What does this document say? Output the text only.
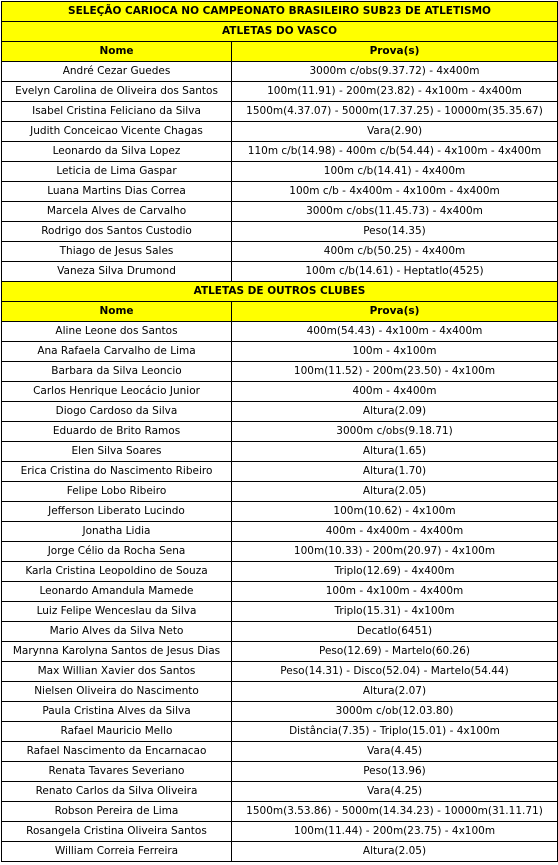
SELEÇÃO CARIOCA NO CAMPEONATO BRASILEIRO SUB23 DE ATLETISMO	
ATLETAS DO VASCO	
Nome	Prova(s)
André Cezar Guedes	3000m c/obs(9.37.72) - 4x400m
Evelyn Carolina de Oliveira dos Santos	100m(11.91) - 200m(23.82) - 4x100m - 4x400m
Isabel Cristina Feliciano da Silva	1500m(4.37.07) - 5000m(17.37.25) - 10000m(35.35.67)
Judith Conceicao Vicente Chagas	Vara(2.90)
Leonardo da Silva Lopez	110m c/b(14.98) - 400m c/b(54.44) - 4x100m - 4x400m
Leticia de Lima Gaspar	100m c/b(14.41) - 4x400m
Luana Martins Dias Correa	100m c/b - 4x400m - 4x100m - 4x400m
Marcela Alves de Carvalho	3000m c/obs(11.45.73) - 4x400m
Rodrigo dos Santos Custodio	Peso(14.35)
Thiago de Jesus Sales	400m c/b(50.25) - 4x400m
Vaneza Silva Drumond	100m c/b(14.61) - Heptatlo(4525)
ATLETAS DE OUTROS CLUBES	
Nome	Prova(s)
Aline Leone dos Santos	400m(54.43) - 4x100m - 4x400m
Ana Rafaela Carvalho de Lima	100m - 4x100m
Barbara da Silva Leoncio	100m(11.52) - 200m(23.50) - 4x100m
Carlos Henrique Leocácio Junior	400m - 4x400m
Diogo Cardoso da Silva	Altura(2.09)
Eduardo de Brito Ramos	3000m c/obs(9.18.71)
Elen Silva Soares	Altura(1.65)
Erica Cristina do Nascimento Ribeiro	Altura(1.70)
Felipe Lobo Ribeiro	Altura(2.05)
Jefferson Liberato Lucindo	100m(10.62) - 4x100m
Jonatha Lidia	400m - 4x400m - 4x400m
Jorge Célio da Rocha Sena	100m(10.33) - 200m(20.97) - 4x100m
Karla Cristina Leopoldino de Souza	Triplo(12.69) - 4x400m
Leonardo Amandula Mamede	100m - 4x100m - 4x400m
Luiz Felipe Wenceslau da Silva	Triplo(15.31) - 4x100m
Mario Alves da Silva Neto	Decatlo(6451)
Marynna Karolyna Santos de Jesus Dias	Peso(12.69) - Martelo(60.26)
Max Willian Xavier dos Santos	Peso(14.31) - Disco(52.04) - Martelo(54.44)
Nielsen Oliveira do Nascimento	Altura(2.07)
Paula Cristina Alves da Silva	3000m c/ob(12.03.80)
Rafael Mauricio Mello	Distância(7.35) - Triplo(15.01) - 4x100m
Rafael Nascimento da Encarnacao	Vara(4.45)
Renata Tavares Severiano	Peso(13.96)
Renato Carlos da Silva Oliveira	Vara(4.25)
Robson Pereira de Lima	1500m(3.53.86) - 5000m(14.34.23) - 10000m(31.11.71)
Rosangela Cristina Oliveira Santos	100m(11.44) - 200m(23.75) - 4x100m
William Correia Ferreira	Altura(2.05)
